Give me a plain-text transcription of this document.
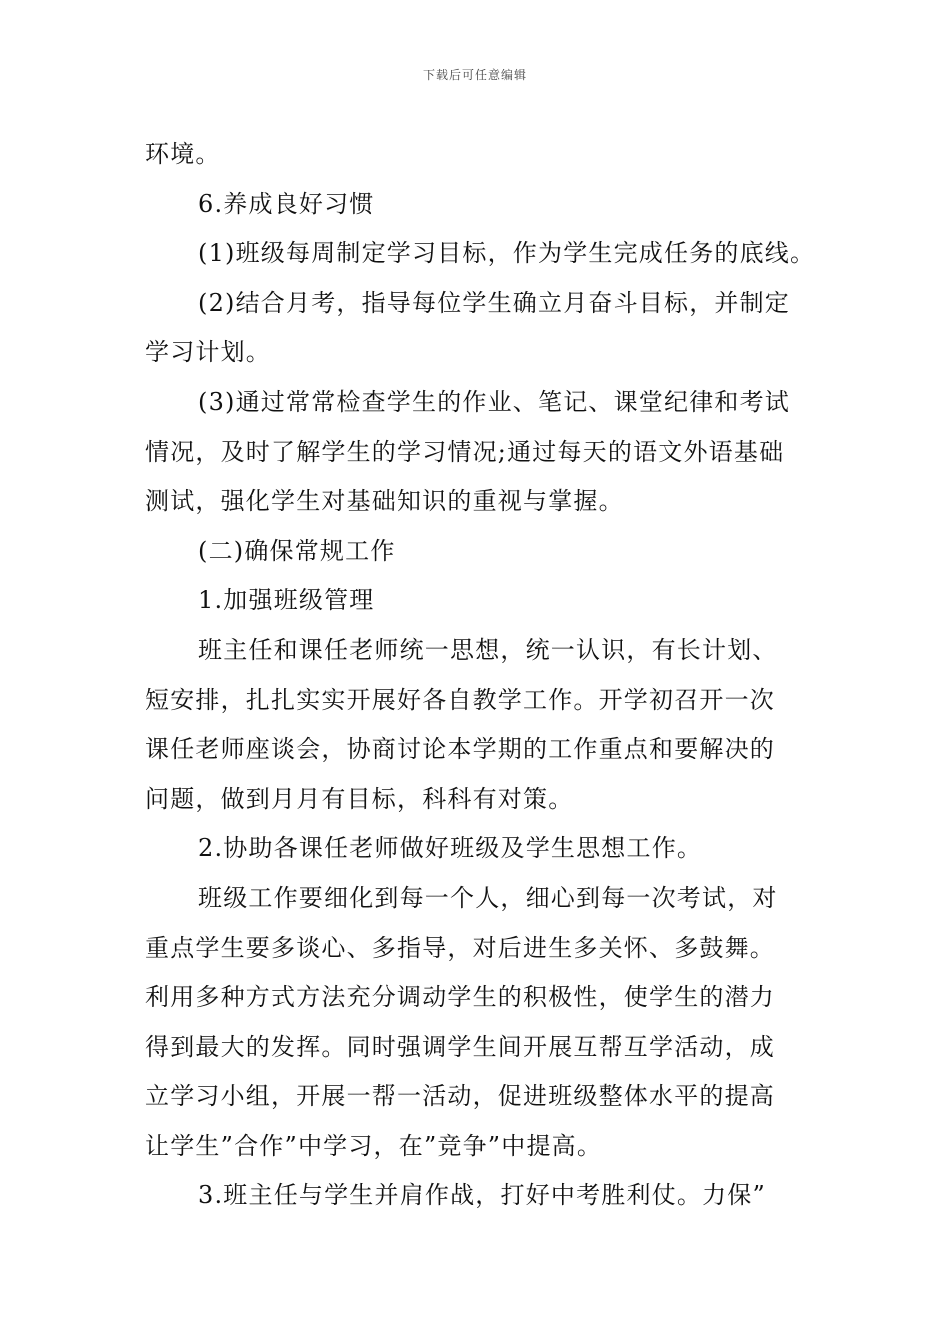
下载后可任意编辑
环境。
6.养成良好习惯
(1)班级每周制定学习目标，作为学生完成任务的底线。
(2)结合月考，指导每位学生确立月奋斗目标，并制定
学习计划。
(3)通过常常检查学生的作业、笔记、课堂纪律和考试
情况，及时了解学生的学习情况;通过每天的语文外语基础
测试，强化学生对基础知识的重视与掌握。
(二)确保常规工作
1.加强班级管理
班主任和课任老师统一思想，统一认识，有长计划、
短安排，扎扎实实开展好各自教学工作。开学初召开一次
课任老师座谈会，协商讨论本学期的工作重点和要解决的
问题，做到月月有目标，科科有对策。
2.协助各课任老师做好班级及学生思想工作。
班级工作要细化到每一个人，细心到每一次考试，对
重点学生要多谈心、多指导，对后进生多关怀、多鼓舞。
利用多种方式方法充分调动学生的积极性，使学生的潜力
得到最大的发挥。同时强调学生间开展互帮互学活动，成
立学习小组，开展一帮一活动，促进班级整体水平的提高
让学生”合作”中学习，在”竞争”中提高。
3.班主任与学生并肩作战，打好中考胜利仗。力保”
